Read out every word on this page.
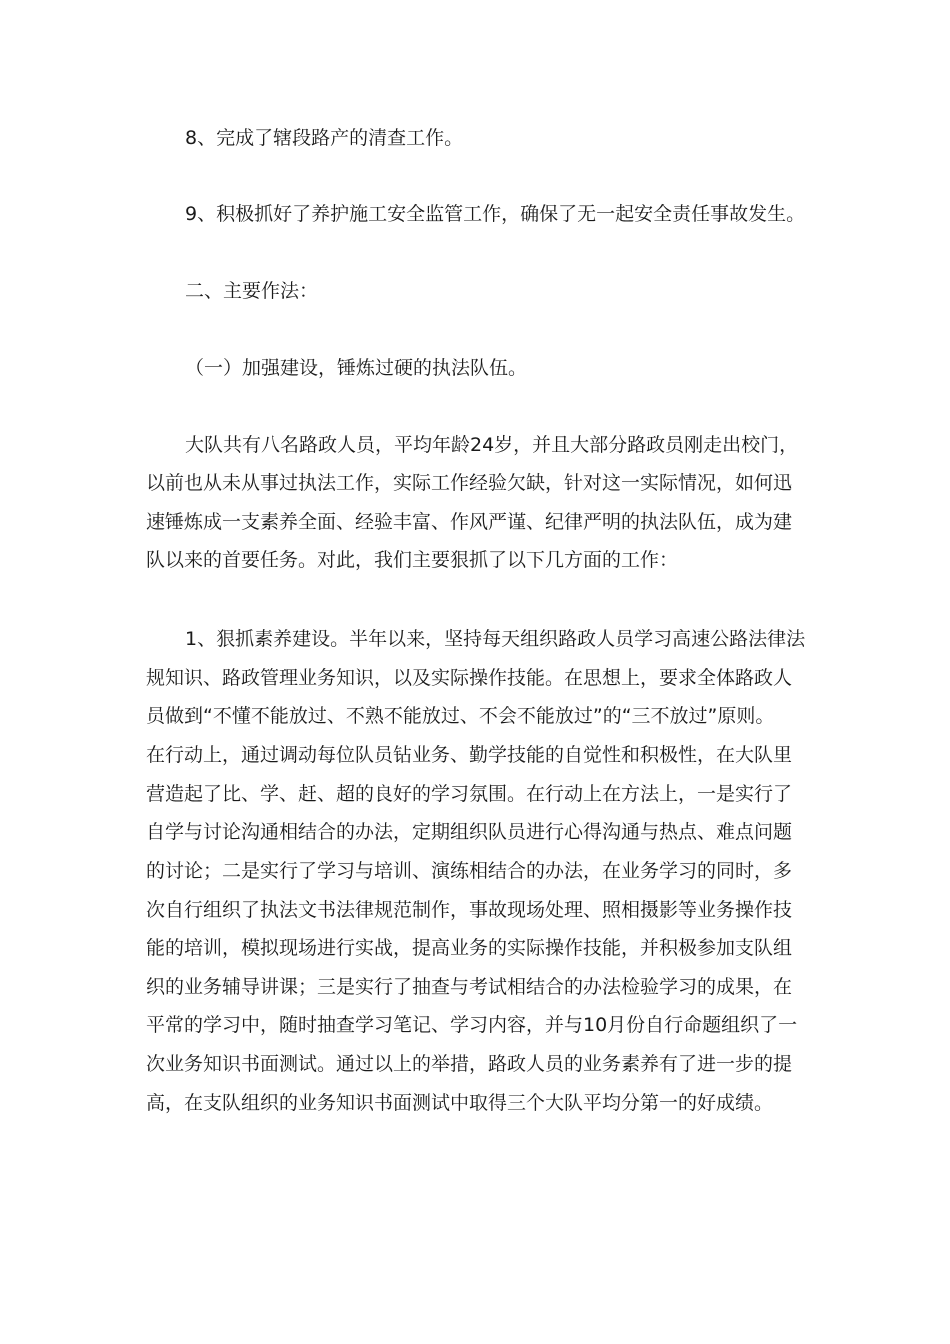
8、完成了辖段路产的清查工作。

9、积极抓好了养护施工安全监管工作，确保了无一起安全责任事故发生。

二、主要作法：

（一）加强建设，锤炼过硬的执法队伍。

大队共有八名路政人员，平均年龄24岁，并且大部分路政员刚走出校门，

以前也从未从事过执法工作，实际工作经验欠缺，针对这一实际情况，如何迅

速锤炼成一支素养全面、经验丰富、作风严谨、纪律严明的执法队伍，成为建

队以来的首要任务。对此，我们主要狠抓了以下几方面的工作：

1、狠抓素养建设。半年以来，坚持每天组织路政人员学习高速公路法律法

规知识、路政管理业务知识，以及实际操作技能。在思想上，要求全体路政人

员做到“不懂不能放过、不熟不能放过、不会不能放过”的“三不放过”原则。

在行动上，通过调动每位队员钻业务、勤学技能的自觉性和积极性，在大队里

营造起了比、学、赶、超的良好的学习氛围。在行动上在方法上，一是实行了

自学与讨论沟通相结合的办法，定期组织队员进行心得沟通与热点、难点问题

的讨论；二是实行了学习与培训、演练相结合的办法，在业务学习的同时，多

次自行组织了执法文书法律规范制作，事故现场处理、照相摄影等业务操作技

能的培训，模拟现场进行实战，提高业务的实际操作技能，并积极参加支队组

织的业务辅导讲课；三是实行了抽查与考试相结合的办法检验学习的成果，在

平常的学习中，随时抽查学习笔记、学习内容，并与10月份自行命题组织了一

次业务知识书面测试。通过以上的举措，路政人员的业务素养有了进一步的提

高，在支队组织的业务知识书面测试中取得三个大队平均分第一的好成绩。
